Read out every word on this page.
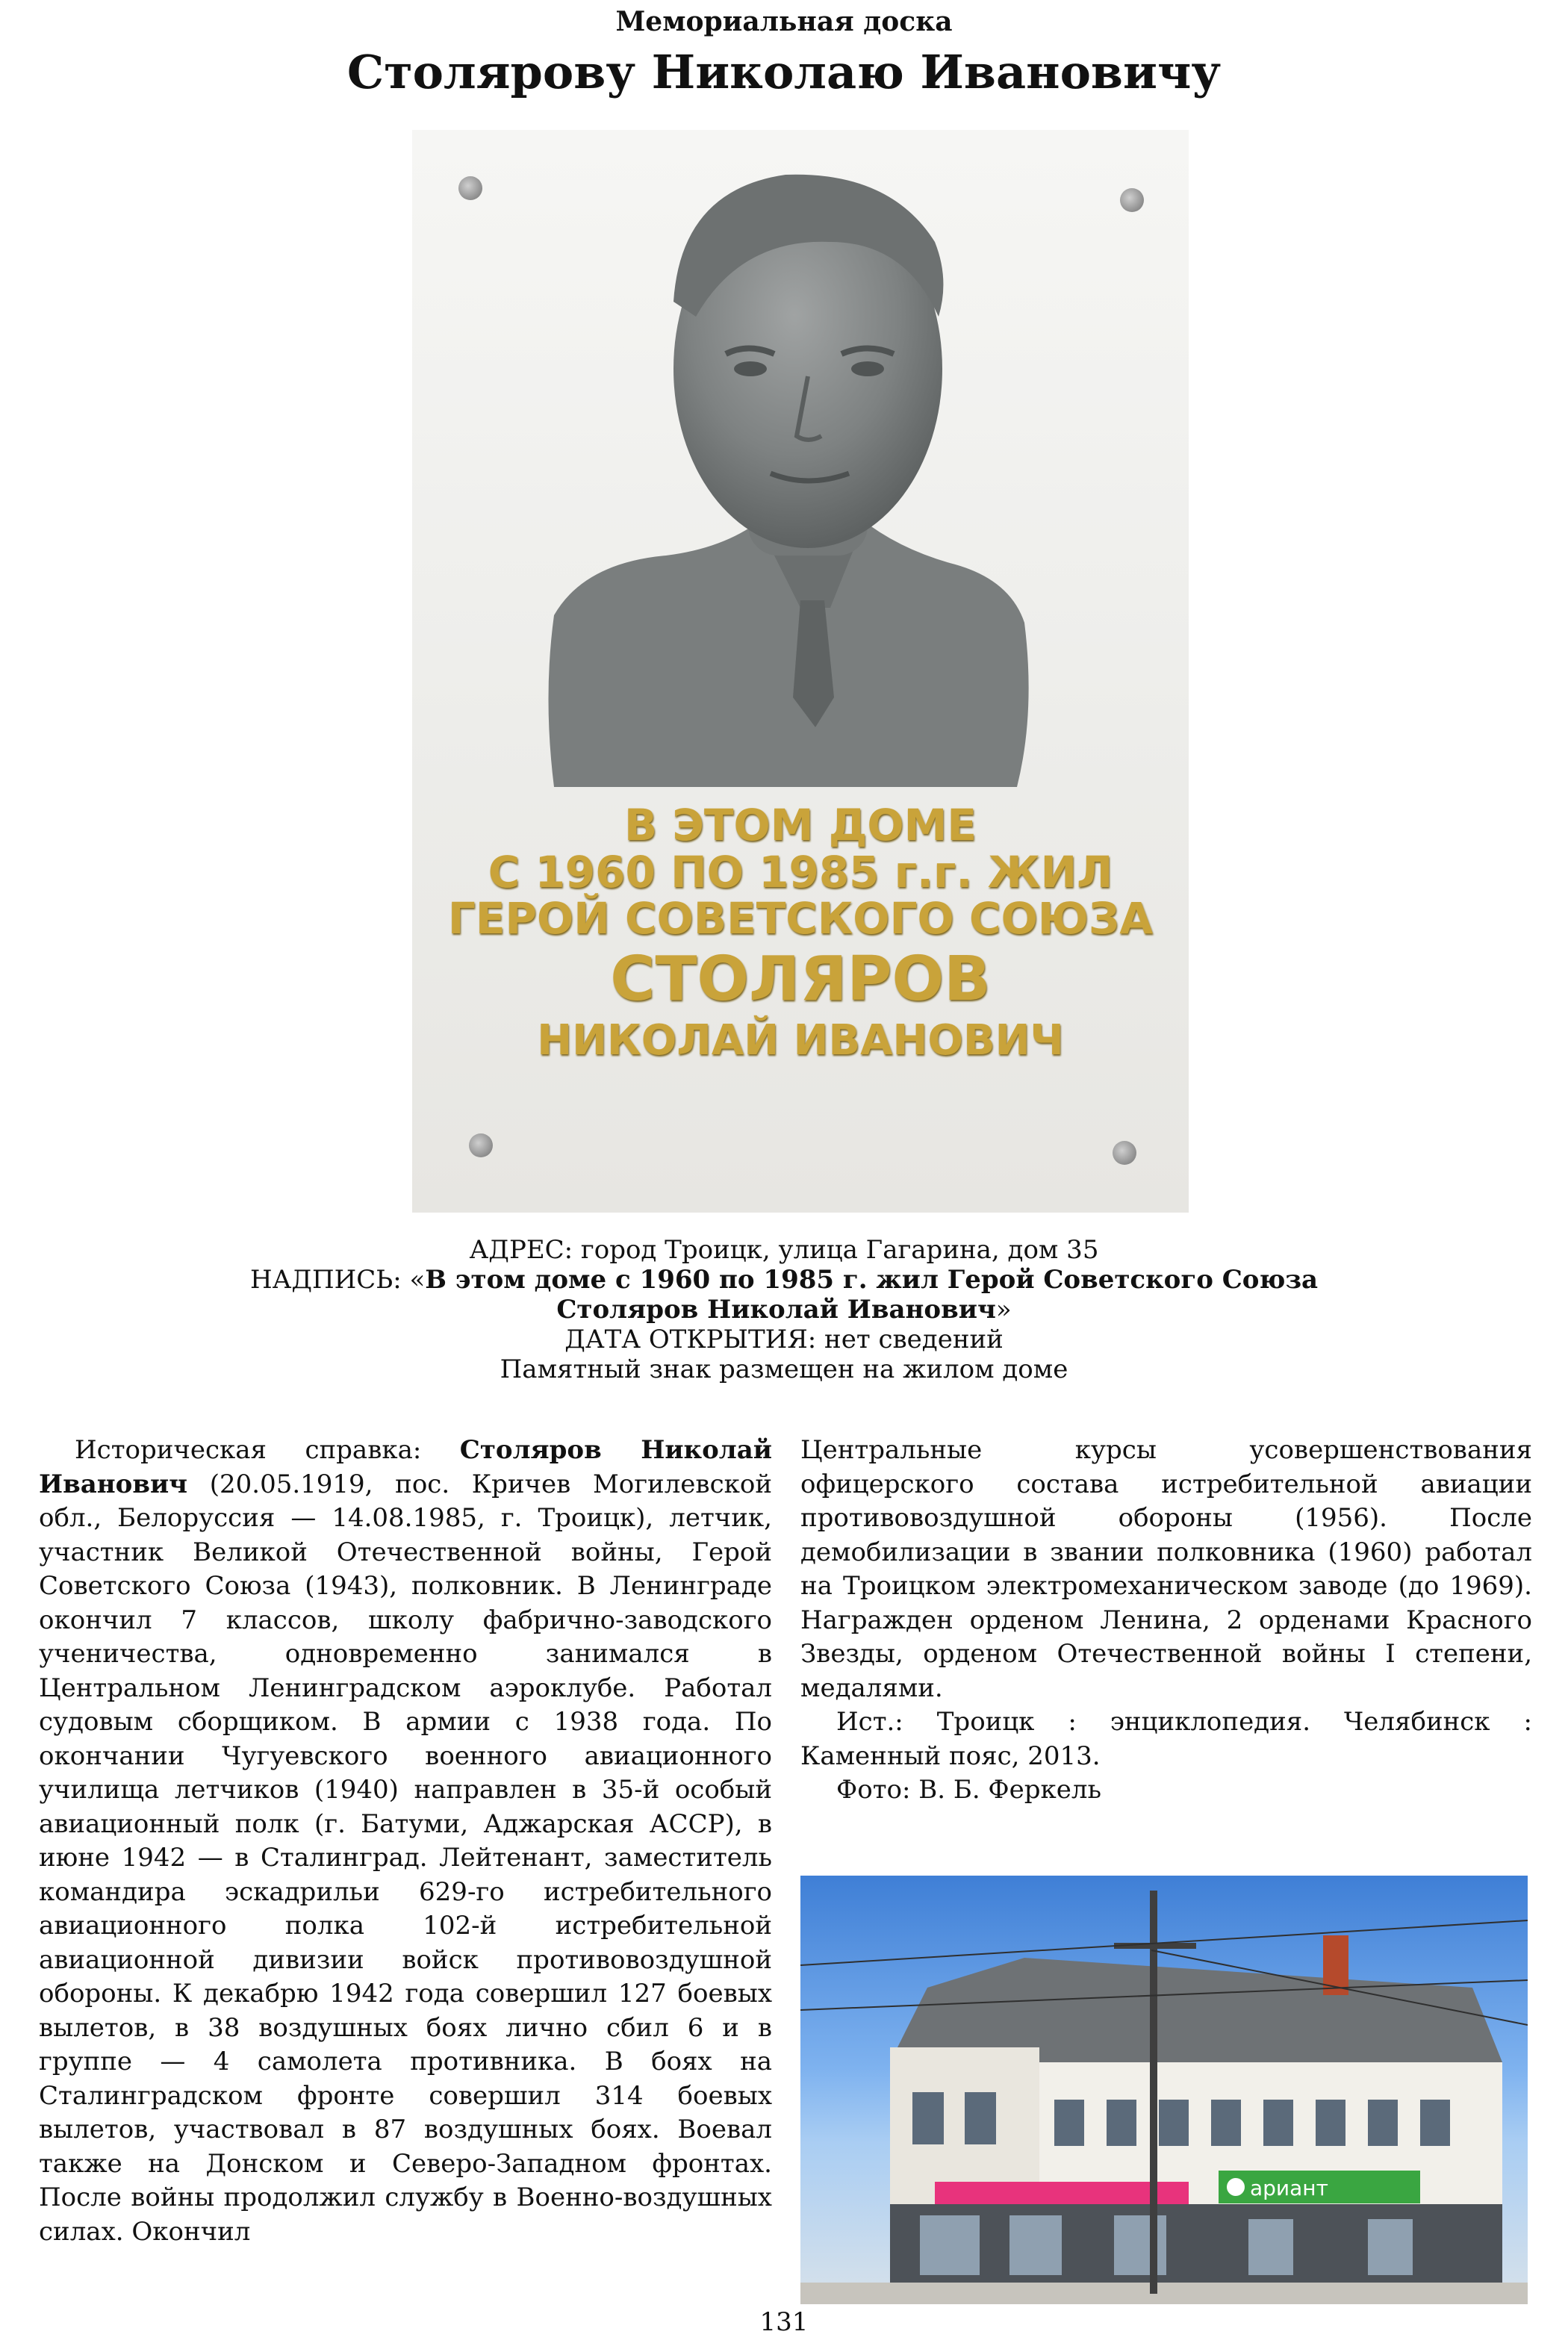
Мемориальная доска
Столярову Николаю Ивановичу
В ЭТОМ ДОМЕ
С 1960 ПО 1985 г.г. ЖИЛ
ГЕРОЙ СОВЕТСКОГО СОЮЗА
СТОЛЯРОВ
НИКОЛАЙ ИВАНОВИЧ
АДРЕС: город Троицк, улица Гагарина, дом 35
НАДПИСЬ: «В этом доме с 1960 по 1985 г. жил Герой Советского Союза
Столяров Николай Иванович»
ДАТА ОТКРЫТИЯ: нет сведений
Памятный знак размещен на жилом доме

Историческая справка: Столяров Николай Иванович (20.05.1919, пос. Кричев Могилевской обл., Белоруссия — 14.08.1985, г. Троицк), летчик, участник Великой Отечественной войны, Герой Советского Союза (1943), полковник. В Ленинграде окончил 7 классов, школу фабрично-заводского ученичества, одновременно занимался в Центральном Ленинградском аэроклубе. Работал судовым сборщиком. В армии с 1938 года. По окончании Чугуевского военного авиационного училища летчиков (1940) направлен в 35-й особый авиационный полк (г. Батуми, Аджарская АССР), в июне 1942 — в Сталинград. Лейтенант, заместитель командира эскадрильи 629-го истребительного авиационного полка 102-й истребительной авиационной дивизии войск противовоздушной обороны. К декабрю 1942 года совершил 127 боевых вылетов, в 38 воздушных боях лично сбил 6 и в группе — 4 самолета противника. В боях на Сталинградском фронте совершил 314 боевых вылетов, участвовал в 87 воздушных боях. Воевал также на Донском и Северо-Западном фронтах. После войны продолжил службу в Военно-воздушных силах. Окончил

Центральные курсы усовершенствования офицерского состава истребительной авиации противовоздушной обороны (1956). После демобилизации в звании полковника (1960) работал на Троицком электромеханическом заводе (до 1969). Награжден орденом Ленина, 2 орденами Красного Звезды, орденом Отечественной войны I степени, медалями.

Ист.: Троицк : энциклопедия. Челябинск : Каменный пояс, 2013.

Фото: В. Б. Феркель

ариант
131
